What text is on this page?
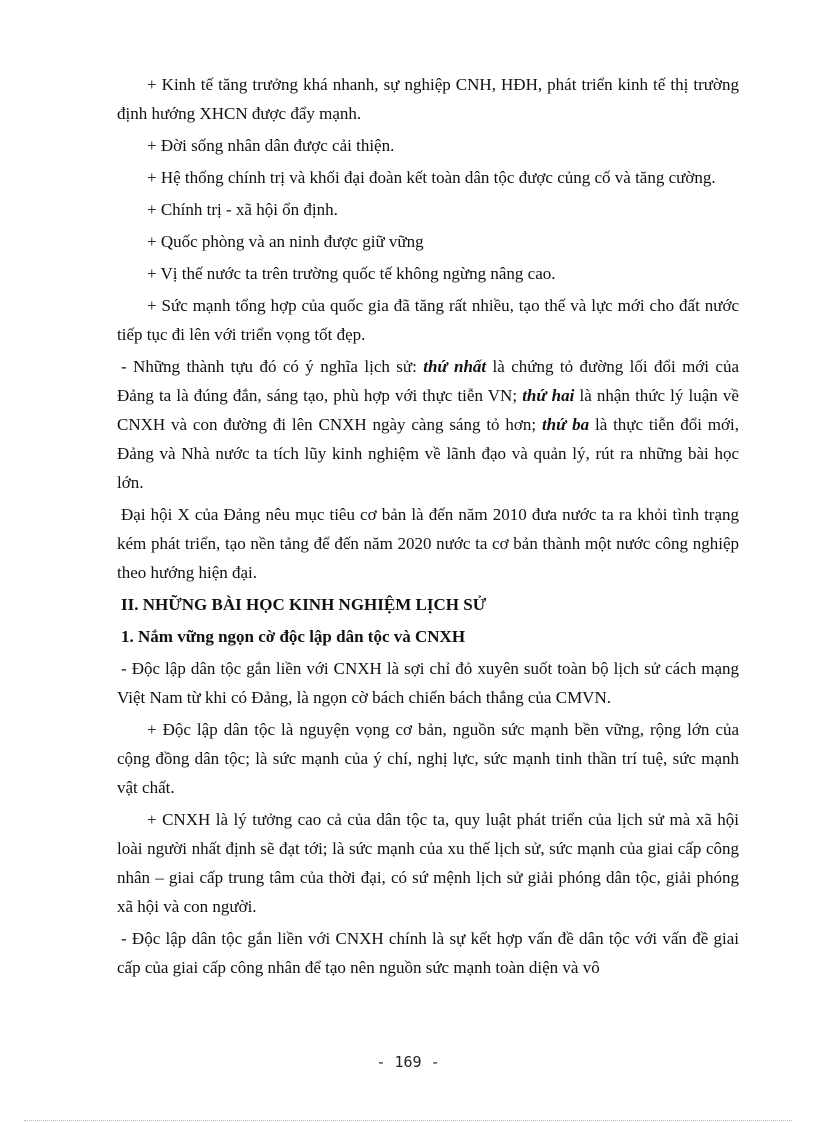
+ Kinh tế tăng trưởng khá nhanh, sự nghiệp CNH, HĐH, phát triển kinh tế thị trường định hướng XHCN được đẩy mạnh.

+ Đời sống nhân dân được cải thiện.

+ Hệ thống chính trị và khối đại đoàn kết toàn dân tộc được củng cố và tăng cường.

+ Chính trị - xã hội ổn định.

+ Quốc phòng và an ninh được giữ vững

+ Vị thế nước ta trên trường quốc tế không ngừng nâng cao.

+ Sức mạnh tổng hợp của quốc gia đã tăng rất nhiều, tạo thế và lực mới cho đất nước tiếp tục đi lên với triển vọng tốt đẹp.

- Những thành tựu đó có ý nghĩa lịch sử: thứ nhất là chứng tỏ đường lối đổi mới của Đảng ta là đúng đắn, sáng tạo, phù hợp với thực tiễn VN; thứ hai là nhận thức lý luận về CNXH và con đường đi lên CNXH ngày càng sáng tỏ hơn; thứ ba là thực tiễn đổi mới, Đảng và Nhà nước ta tích lũy kinh nghiệm về lãnh đạo và quản lý, rút ra những bài học lớn.

Đại hội X của Đảng nêu mục tiêu cơ bản là đến năm 2010 đưa nước ta ra khỏi tình trạng kém phát triển, tạo nền tảng để đến năm 2020 nước ta cơ bản thành một nước công nghiệp theo hướng hiện đại.

II. NHỮNG BÀI HỌC KINH NGHIỆM LỊCH SỬ

1. Nắm vững ngọn cờ độc lập dân tộc và CNXH

- Độc lập dân tộc gắn liền với CNXH là sợi chỉ đỏ xuyên suốt toàn bộ lịch sử cách mạng Việt Nam từ khi có Đảng, là ngọn cờ bách chiến bách thắng của CMVN.

+ Độc lập dân tộc là nguyện vọng cơ bản, nguồn sức mạnh bền vững, rộng lớn của cộng đồng dân tộc; là sức mạnh của ý chí, nghị lực, sức mạnh tinh thần trí tuệ, sức mạnh vật chất.

+ CNXH là lý tưởng cao cả của dân tộc ta, quy luật phát triển của lịch sử mà xã hội loài người nhất định sẽ đạt tới; là sức mạnh của xu thế lịch sử, sức mạnh của giai cấp công nhân – giai cấp trung tâm của thời đại, có sứ mệnh lịch sử giải phóng dân tộc, giải phóng xã hội và con người.

- Độc lập dân tộc gắn liền với CNXH chính là sự kết hợp vấn đề dân tộc với vấn đề giai cấp của giai cấp công nhân để tạo nên nguồn sức mạnh toàn diện và vô

- 169 -
